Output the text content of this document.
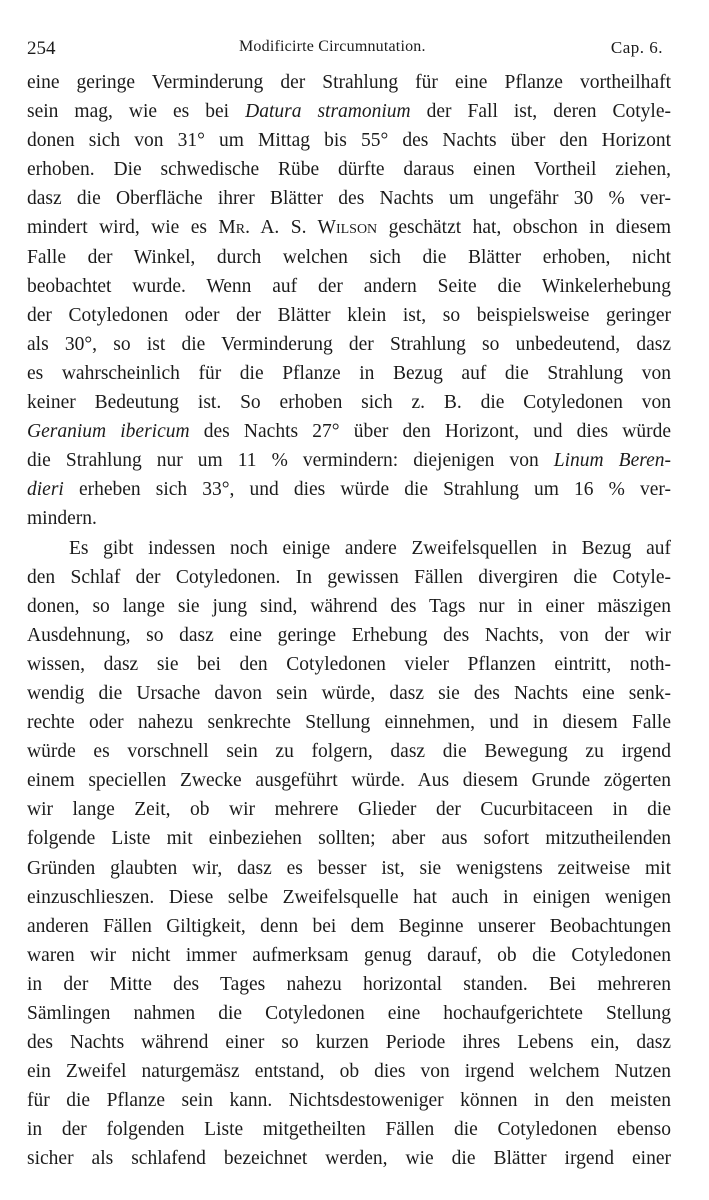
254	Modificirte Circumnutation.	Cap. 6.
eine geringe Verminderung der Strahlung für eine Pflanze vortheilhaft
sein mag, wie es bei Datura stramonium der Fall ist, deren Cotyle-
donen sich von 31° um Mittag bis 55° des Nachts über den Horizont
erhoben. Die schwedische Rübe dürfte daraus einen Vortheil ziehen,
dasz die Oberfläche ihrer Blätter des Nachts um ungefähr 30 % ver-
mindert wird, wie es Mr. A. S. Wilson geschätzt hat, obschon in diesem
Falle der Winkel, durch welchen sich die Blätter erhoben, nicht
beobachtet wurde. Wenn auf der andern Seite die Winkelerhebung
der Cotyledonen oder der Blätter klein ist, so beispielsweise geringer
als 30°, so ist die Verminderung der Strahlung so unbedeutend, dasz
es wahrscheinlich für die Pflanze in Bezug auf die Strahlung von
keiner Bedeutung ist. So erhoben sich z. B. die Cotyledonen von
Geranium ibericum des Nachts 27° über den Horizont, und dies würde
die Strahlung nur um 11 % vermindern: diejenigen von Linum Beren-
dieri erheben sich 33°, und dies würde die Strahlung um 16 % ver-
mindern.
Es gibt indessen noch einige andere Zweifelsquellen in Bezug auf
den Schlaf der Cotyledonen. In gewissen Fällen divergiren die Cotyle-
donen, so lange sie jung sind, während des Tags nur in einer mäszigen
Ausdehnung, so dasz eine geringe Erhebung des Nachts, von der wir
wissen, dasz sie bei den Cotyledonen vieler Pflanzen eintritt, noth-
wendig die Ursache davon sein würde, dasz sie des Nachts eine senk-
rechte oder nahezu senkrechte Stellung einnehmen, und in diesem Falle
würde es vorschnell sein zu folgern, dasz die Bewegung zu irgend
einem speciellen Zwecke ausgeführt würde. Aus diesem Grunde zögerten
wir lange Zeit, ob wir mehrere Glieder der Cucurbitaceen in die
folgende Liste mit einbeziehen sollten; aber aus sofort mitzutheilenden
Gründen glaubten wir, dasz es besser ist, sie wenigstens zeitweise mit
einzuschlieszen. Diese selbe Zweifelsquelle hat auch in einigen wenigen
anderen Fällen Giltigkeit, denn bei dem Beginne unserer Beobachtungen
waren wir nicht immer aufmerksam genug darauf, ob die Cotyledonen
in der Mitte des Tages nahezu horizontal standen. Bei mehreren
Sämlingen nahmen die Cotyledonen eine hochaufgerichtete Stellung
des Nachts während einer so kurzen Periode ihres Lebens ein, dasz
ein Zweifel naturgemäsz entstand, ob dies von irgend welchem Nutzen
für die Pflanze sein kann. Nichtsdestoweniger können in den meisten
in der folgenden Liste mitgetheilten Fällen die Cotyledonen ebenso
sicher als schlafend bezeichnet werden, wie die Blätter irgend einer
